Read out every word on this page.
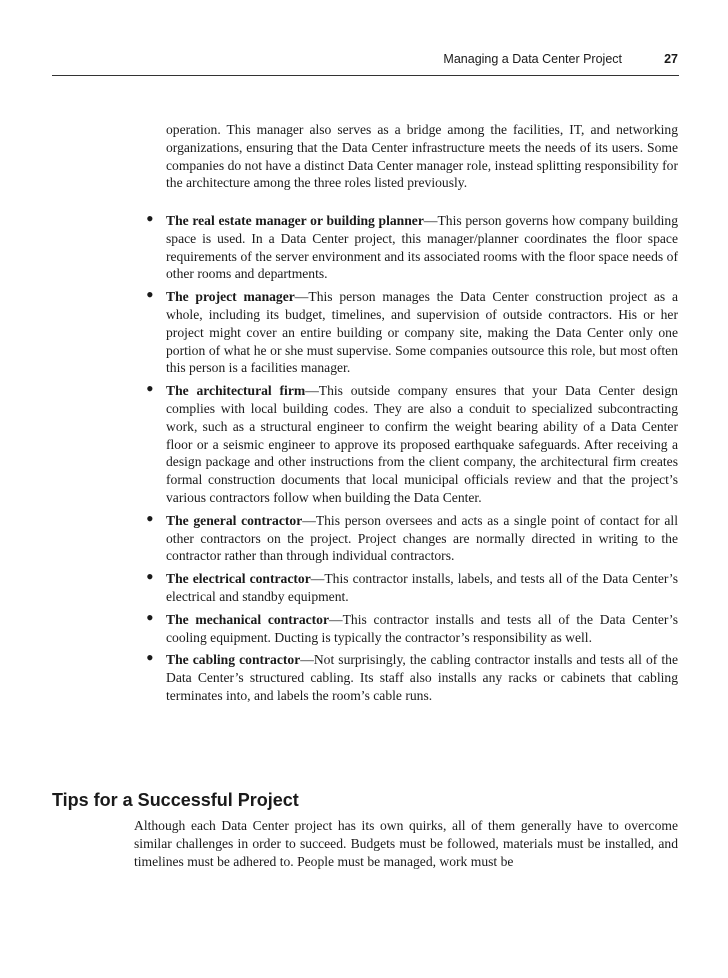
Managing a Data Center Project	27
operation. This manager also serves as a bridge among the facilities, IT, and networking organizations, ensuring that the Data Center infrastructure meets the needs of its users. Some companies do not have a distinct Data Center manager role, instead splitting responsibility for the architecture among the three roles listed previously.
• The real estate manager or building planner—This person governs how company building space is used. In a Data Center project, this manager/planner coordinates the floor space requirements of the server environment and its associated rooms with the floor space needs of other rooms and departments.
• The project manager—This person manages the Data Center construction project as a whole, including its budget, timelines, and supervision of outside contractors. His or her project might cover an entire building or company site, making the Data Center only one portion of what he or she must supervise. Some companies outsource this role, but most often this person is a facilities manager.
• The architectural firm—This outside company ensures that your Data Center design complies with local building codes. They are also a conduit to specialized subcontracting work, such as a structural engineer to confirm the weight bearing ability of a Data Center floor or a seismic engineer to approve its proposed earthquake safeguards. After receiving a design package and other instructions from the client company, the architectural firm creates formal construction documents that local municipal officials review and that the project’s various contractors follow when building the Data Center.
• The general contractor—This person oversees and acts as a single point of contact for all other contractors on the project. Project changes are normally directed in writing to the contractor rather than through individual contractors.
• The electrical contractor—This contractor installs, labels, and tests all of the Data Center’s electrical and standby equipment.
• The mechanical contractor—This contractor installs and tests all of the Data Center’s cooling equipment. Ducting is typically the contractor’s responsibility as well.
• The cabling contractor—Not surprisingly, the cabling contractor installs and tests all of the Data Center’s structured cabling. Its staff also installs any racks or cabinets that cabling terminates into, and labels the room’s cable runs.
Tips for a Successful Project
Although each Data Center project has its own quirks, all of them generally have to overcome similar challenges in order to succeed. Budgets must be followed, materials must be installed, and timelines must be adhered to. People must be managed, work must be
